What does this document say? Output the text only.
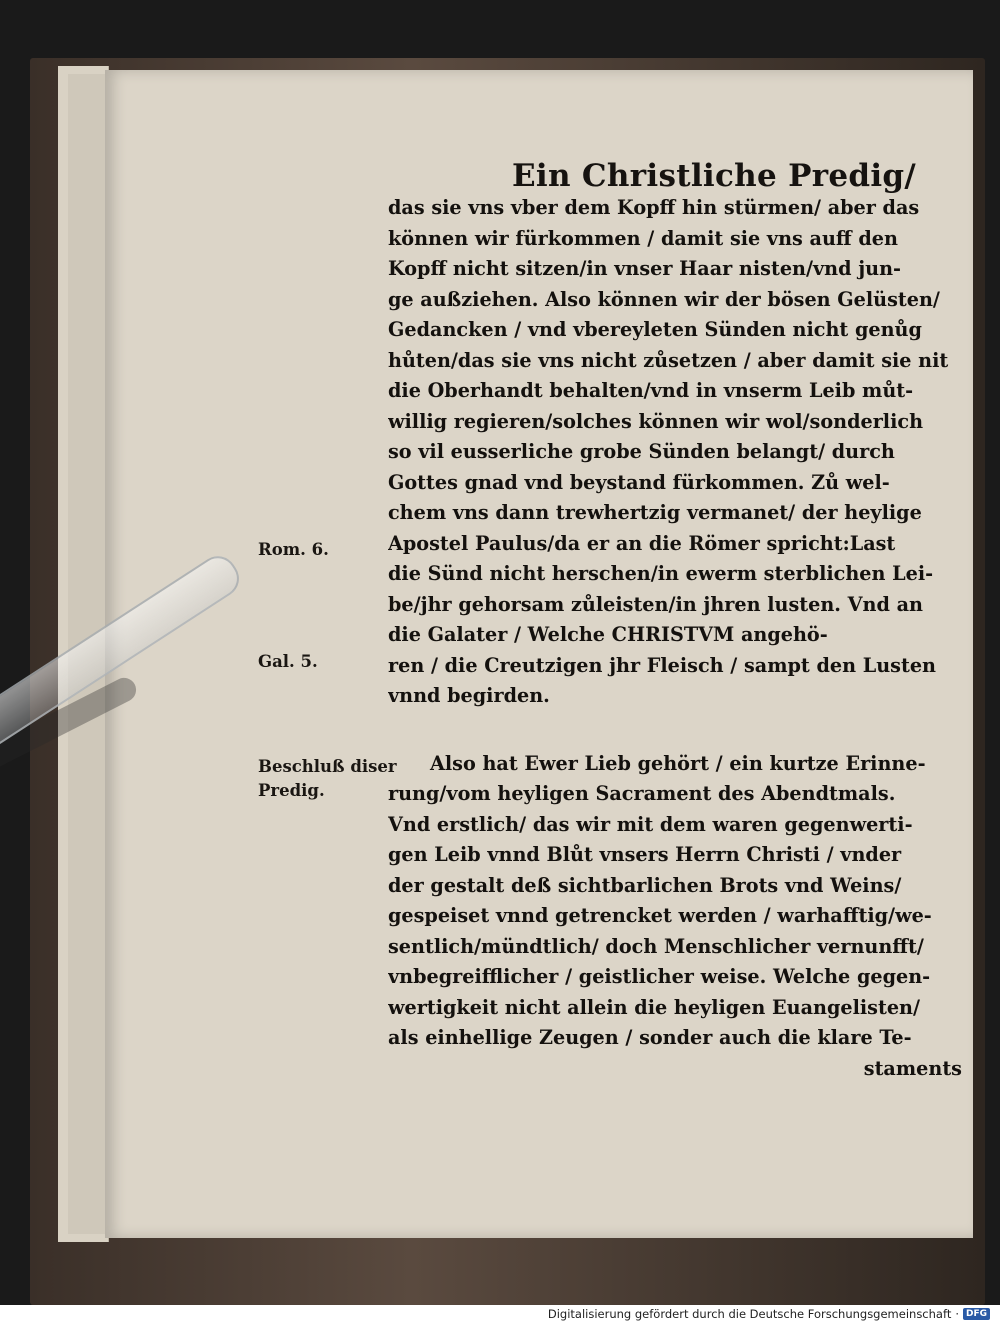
Ein Christliche Predig/
Rom. 6.
Gal. 5.
Beschluß diser
Predig.
das sie vns vber dem Kopff hin stürmen/ aber das
können wir fürkommen / damit sie vns auff den
Kopff nicht sitzen/in vnser Haar nisten/vnd jun-
ge außziehen. Also können wir der bösen Gelüsten/
Gedancken / vnd vbereyleten Sünden nicht genůg
hůten/das sie vns nicht zůsetzen / aber damit sie nit
die Oberhandt behalten/vnd in vnserm Leib můt-
willig regieren/solches können wir wol/sonderlich
so vil eusserliche grobe Sünden belangt/ durch
Gottes gnad vnd beystand fürkommen. Zů wel-
chem vns dann trewhertzig vermanet/ der heylige
Apostel Paulus/da er an die Römer spricht:Last
die Sünd nicht herschen/in ewerm sterblichen Lei-
be/jhr gehorsam zůleisten/in jhren lusten. Vnd an
die Galater / Welche CHRISTVM angehö-
ren / die Creutzigen jhr Fleisch / sampt den Lusten
vnnd begirden.
Also hat Ewer Lieb gehört / ein kurtze Erinne-
rung/vom heyligen Sacrament des Abendtmals.
Vnd erstlich/ das wir mit dem waren gegenwerti-
gen Leib vnnd Blůt vnsers Herrn Christi / vnder
der gestalt deß sichtbarlichen Brots vnd Weins/
gespeiset vnnd getrencket werden / warhafftig/we-
sentlich/mündtlich/ doch Menschlicher vernunfft/
vnbegreifflicher / geistlicher weise. Welche gegen-
wertigkeit nicht allein die heyligen Euangelisten/
als einhellige Zeugen / sonder auch die klare Te-
staments
Digitalisierung gefördert durch die Deutsche Forschungsgemeinschaft · DFG
